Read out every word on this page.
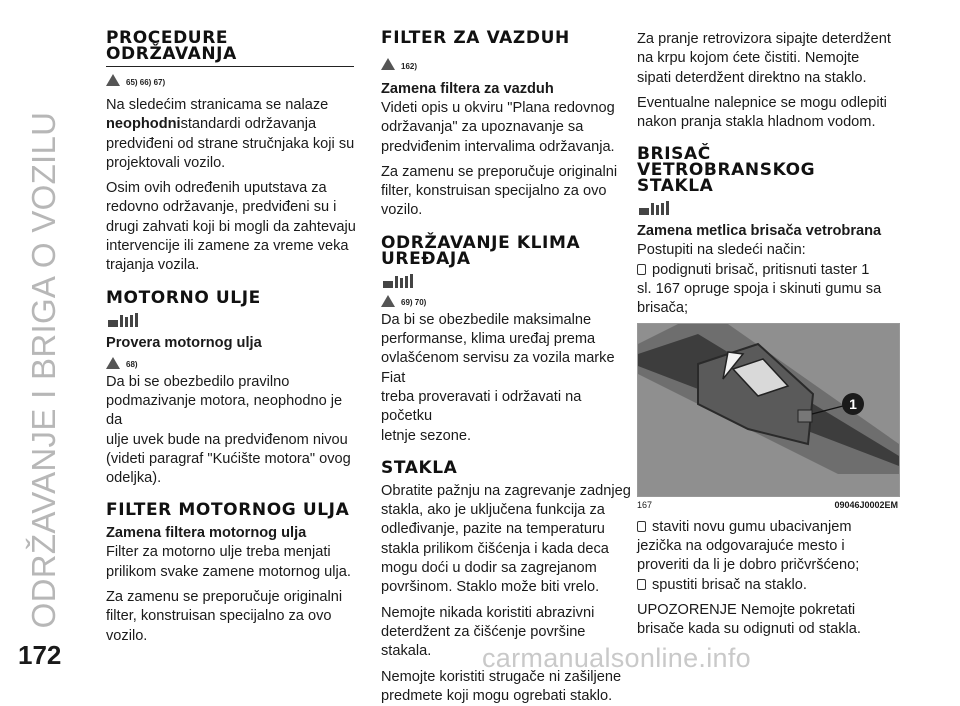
ODRŽAVANJE I BRIGA O VOZILU
172	carmanualsonline.info
PROCEDURE
ODRŽAVANJA
65) 66) 67)

Na sledećim stranicama se nalaze

neophodnistandardi održavanja

predviđeni od strane stručnjaka koji su

projektovali vozilo.

Osim ovih određenih uputstava za

redovno održavanje, predviđeni su i

drugi zahvati koji bi mogli da zahtevaju

intervencije ili zamene za vreme veka

trajanja vozila.

MOTORNO ULJE
Provera motornog ulja
68)

Da bi se obezbedilo pravilno

podmazivanje motora, neophodno je da

ulje uvek bude na predviđenom nivou

(videti paragraf "Kućište motora" ovog

odeljka).

FILTER MOTORNOG ULJA
Zamena filtera motornog ulja

Filter za motorno ulje treba menjati

prilikom svake zamene motornog ulja.

Za zamenu se preporučuje originalni

filter, konstruisan specijalno za ovo

vozilo.

FILTER ZA VAZDUH
162)
Zamena filtera za vazduh

Videti opis u okviru "Plana redovnog

održavanja" za upoznavanje sa

predviđenim intervalima održavanja.

Za zamenu se preporučuje originalni

filter, konstruisan specijalno za ovo

vozilo.

ODRŽAVANJE KLIMA
UREĐAJA
69) 70)

Da bi se obezbedile maksimalne

performanse, klima uređaj prema

ovlašćenom servisu za vozila marke Fiat

treba proveravati i održavati na početku

letnje sezone.

STAKLA

Obratite pažnju na zagrevanje zadnjeg

stakla, ako je uključena funkcija za

odleđivanje, pazite na temperaturu

stakla prilikom čišćenja i kada deca

mogu doći u dodir sa zagrejanom

površinom. Staklo može biti vrelo.

Nemojte nikada koristiti abrazivni

deterdžent za čišćenje površine stakala.

Nemojte koristiti strugače ni zašiljene

predmete koji mogu ogrebati staklo.

Za pranje retrovizora sipajte deterdžent

na krpu kojom ćete čistiti. Nemojte

sipati deterdžent direktno na staklo.

Eventualne nalepnice se mogu odlepiti

nakon pranja stakla hladnom vodom.

BRISAČ
VETROBRANSKOG
STAKLA
Zamena metlica brisača vetrobrana

Postupiti na sledeći način:

podignuti brisač, pritisnuti taster 1

sl. 167 opruge spoja i skinuti gumu sa

brisača;

1
167	09046J0002EM

staviti novu gumu ubacivanjem

jezička na odgovarajuće mesto i

proveriti da li je dobro pričvršćeno;

spustiti brisač na staklo.

UPOZORENJE Nemojte pokretati

brisače kada su odignuti od stakla.
